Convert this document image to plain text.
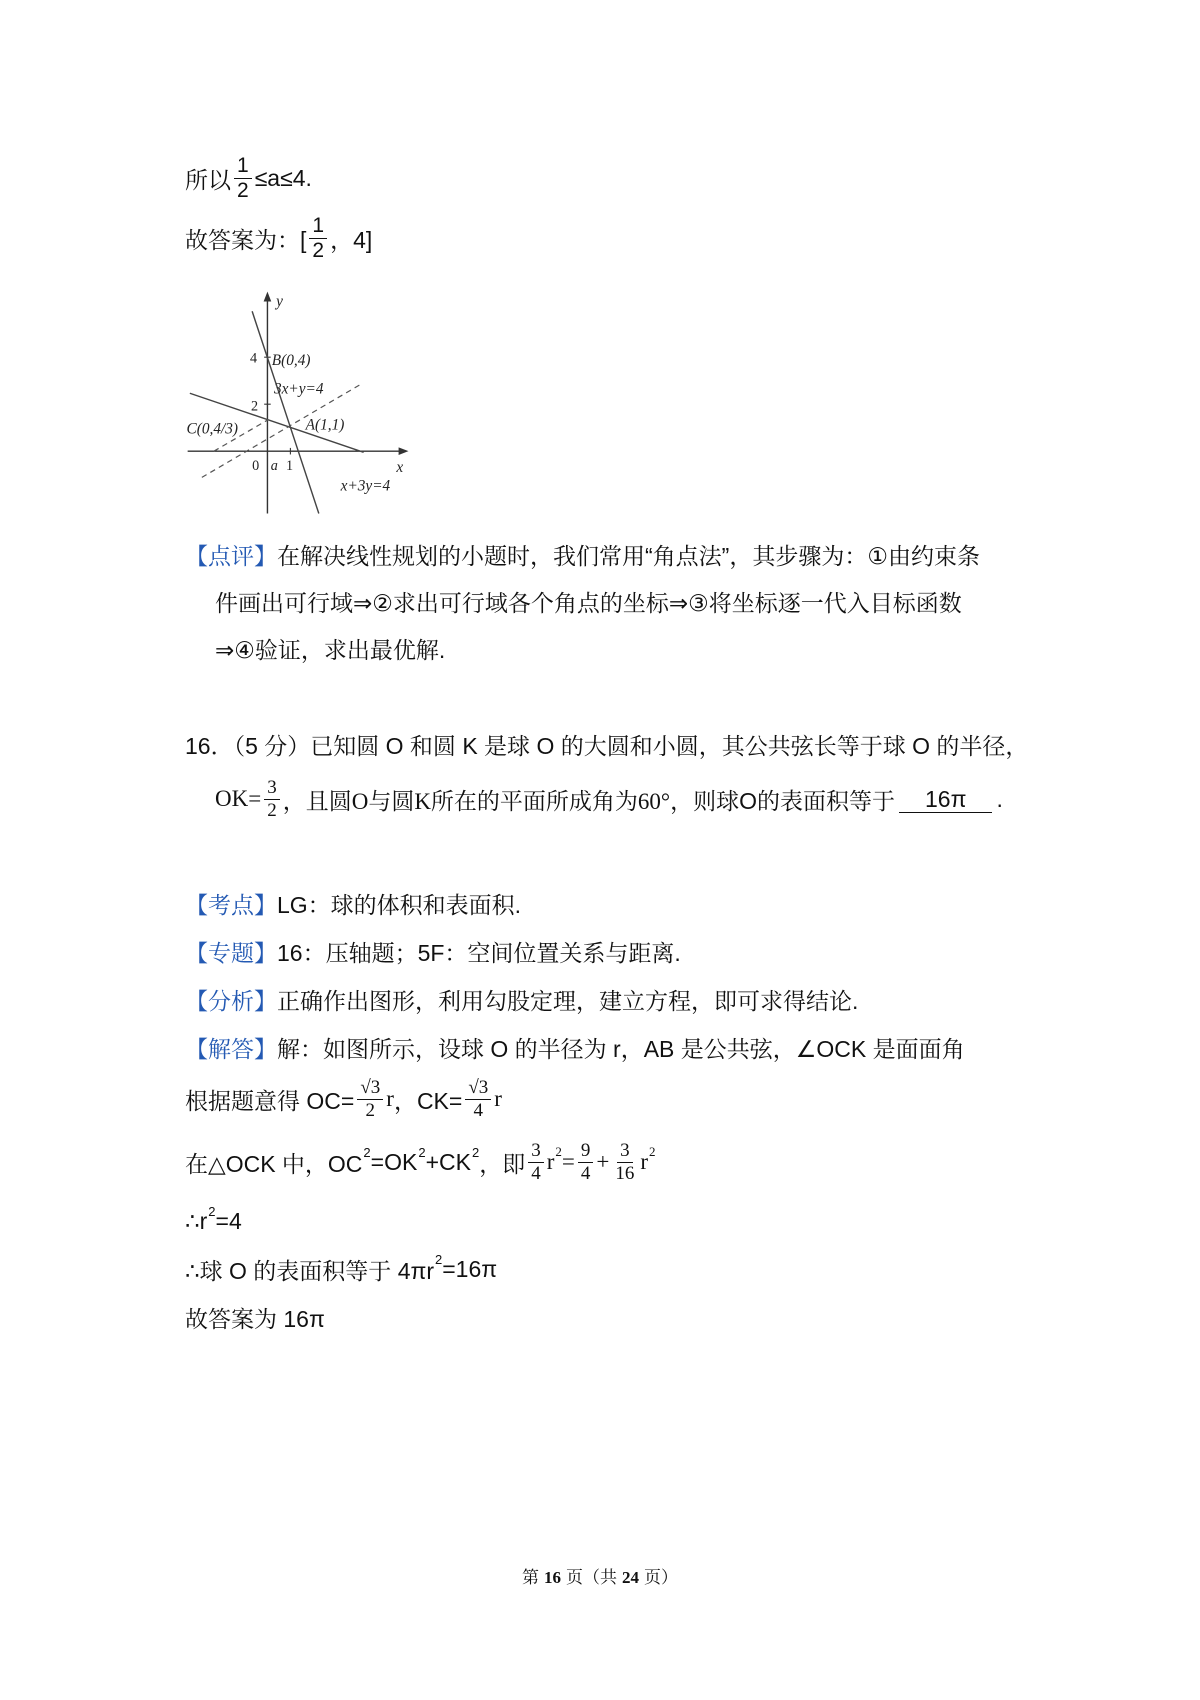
所以 $\frac{1}{2} \le a\le 4$.
故答案为：[ $\frac{1}{2}$ ，4]
y
x
4
2
0 a 1
B(0,4)
3x+y=4
A(1,1)
C(0,4/3)
x+3y=4
【点评】 在解决线性规划的小题时，我们常用“角点法”，其步骤为：①由约束条
件画出可行域⇒②求出可行域各个角点的坐标⇒③将坐标逐一代入目标函数
⇒④验证，求出最优解.
16．（5 分）已知圆 O 和圆 K 是球 O 的大圆和小圆，其公共弦长等于球 O 的半径，
$OK= \frac{3}{2}$ ，且圆O与圆K所在的平面所成角为60° ，则球O的表面积等于	16π	.
【考点】 LG：球的体积和表面积.
【专题】 16：压轴题；5F：空间位置关系与距离.
【分析】 正确作出图形，利用勾股定理，建立方程，即可求得结论.
【解答】 解：如图所示，设球 O 的半径为 r，AB 是公共弦，∠OCK 是面面角
根据题意得 $OC= \frac{√3}{2}$ r ，$CK= \frac{√3}{4}$ r
在△OCK 中，OC 2 =OK 2 +CK 2 ，即 $\frac{3}{4}$ r $2 = \frac{9}{4} + \frac{3}{16}$ r 2
∴r 2 =4
∴球 O 的表面积等于 4πr 2 =16π
故答案为 16π
第 16 页（共 24 页）
